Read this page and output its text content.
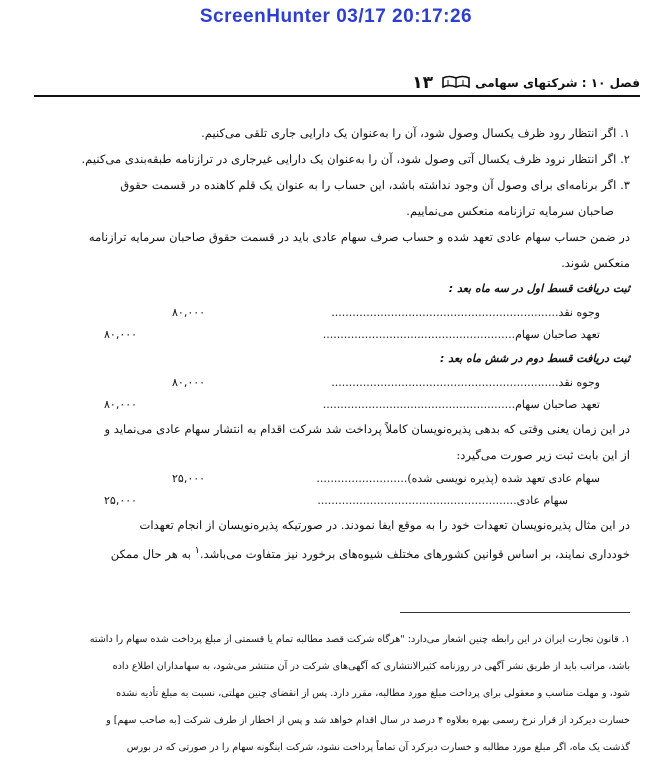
ScreenHunter 03/17 20:17:26
فصل ۱۰ : شرکتهای سهامی
۱۳

۱. اگر انتظار رود ظرف یکسال وصول شود، آن را به‌عنوان یک دارایی جاری تلقی می‌کنیم.

۲. اگر انتظار نرود ظرف یکسال آتی وصول شود، آن را به‌عنوان یک دارایی غیرجاری در ترازنامه طبقه‌بندی می‌کنیم.

۳. اگر برنامه‌ای برای وصول آن وجود نداشته باشد، این حساب را به عنوان یک قلم کاهنده در قسمت حقوق

صاحبان سرمایه ترازنامه منعکس می‌نماییم.

در ضمن حساب سهام عادی تعهد شده و حساب صرف سهام عادی باید در قسمت حقوق صاحبان سرمایه ترازنامه

منعکس شوند.

ثبت دریافت قسط اول در سه ماه بعد :

وجوه نقد.................................................................
۸۰,۰۰۰
تعهد صاحبان سهام.......................................................
۸۰,۰۰۰

ثبت دریافت قسط دوم در شش ماه بعد :

وجوه نقد.................................................................
۸۰,۰۰۰
تعهد صاحبان سهام.......................................................
۸۰,۰۰۰

در این زمان یعنی وقتی که بدهی پذیره‌نویسان کاملاً پرداخت شد شرکت اقدام به انتشار سهام عادی می‌نماید و

از این بابت ثبت زیر صورت می‌گیرد:

سهام عادی تعهد شده (پذیره نویسی شده)..........................
۲۵,۰۰۰
سهام عادی.........................................................
۲۵,۰۰۰

در این مثال پذیره‌نویسان تعهدات خود را به موقع ایفا نمودند. در صورتیکه پذیره‌نویسان از انجام تعهدات

خودداری نمایند، بر اساس قوانین کشورهای مختلف شیوه‌های برخورد نیز متفاوت می‌باشد.$^۱$ به هر حال ممکن

۱. قانون تجارت ایران در این رابطه چنین اشعار می‌دارد: "هرگاه شرکت قصد مطالبه تمام یا قسمتی از مبلغ پرداخت شده سهام را داشته

باشد، مراتب باید از طریق نشر آگهی در روزنامه کثیرالانتشاری که آگهی‌های شرکت در آن منتشر می‌شود، به سهامداران اطلاع داده

شود، و مهلت مناسب و معقولی برای پرداخت مبلغ مورد مطالبه، مقرر دارد. پس از انقضای چنین مهلتی، نسبت به مبلغ تأدیه نشده

خسارت دیرکرد از قرار نرخ رسمی بهره بعلاوه ۴ درصد در سال اقدام خواهد شد و پس از اخطار از طرف شرکت [به صاحب سهم] و

گذشت یک ماه، اگر مبلغ مورد مطالبه و خسارت دیرکرد آن تماماً پرداخت نشود، شرکت اینگونه سهام را در صورتی که در بورس
